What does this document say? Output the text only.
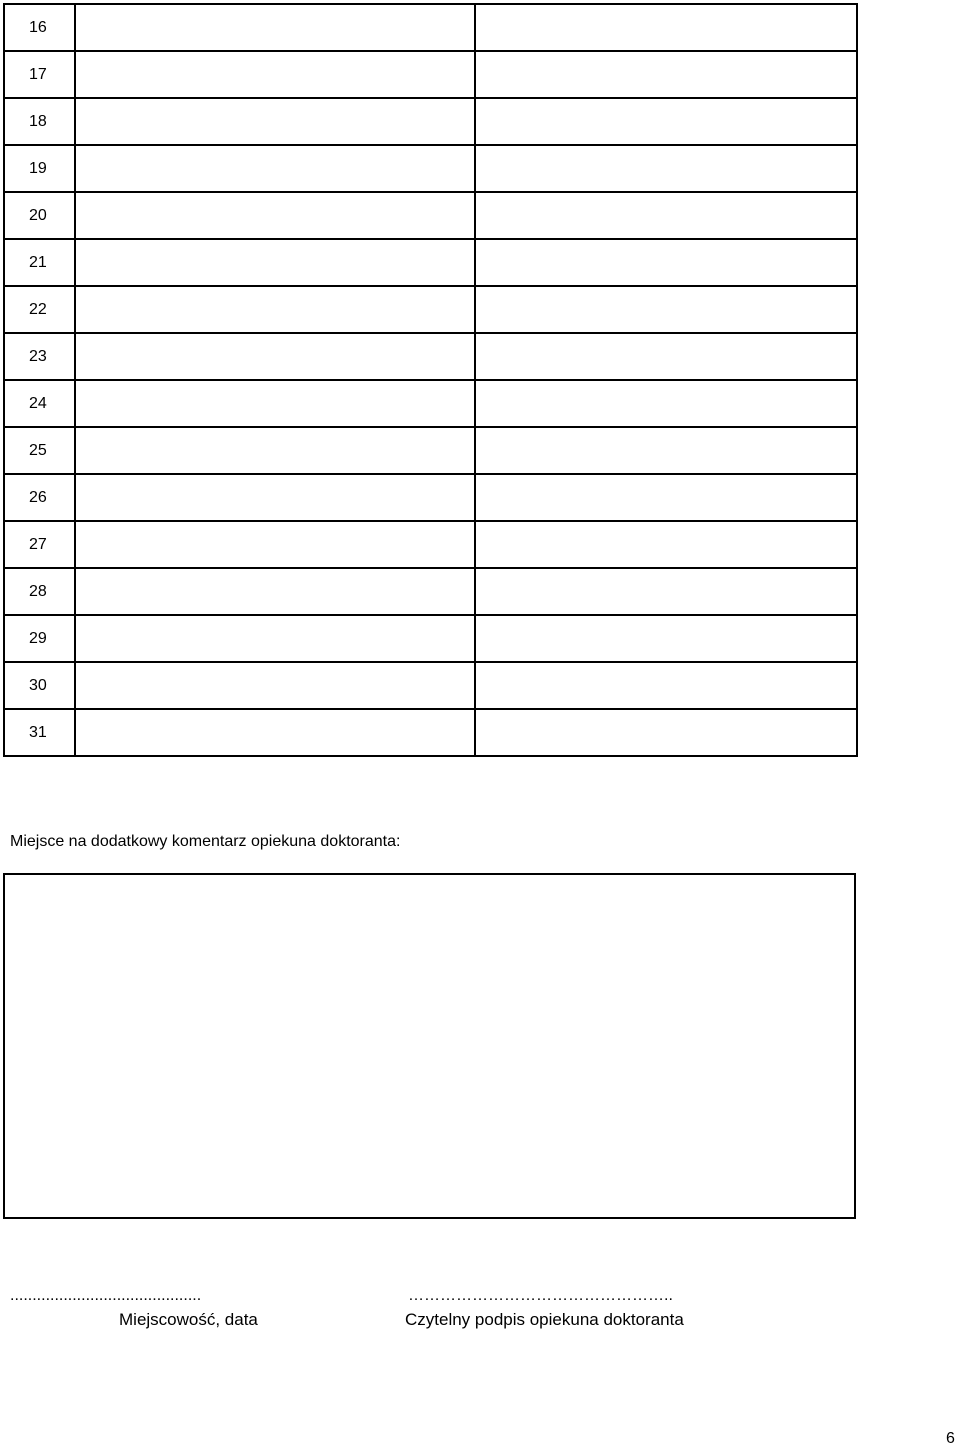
16		
17		
18		
19		
20		
21		
22		
23		
24		
25		
26		
27		
28		
29		
30		
31		
Miejsce na dodatkowy komentarz opiekuna doktoranta:
...........................................	…………………………………………..
Miejscowość, data	Czytelny podpis opiekuna doktoranta
6
